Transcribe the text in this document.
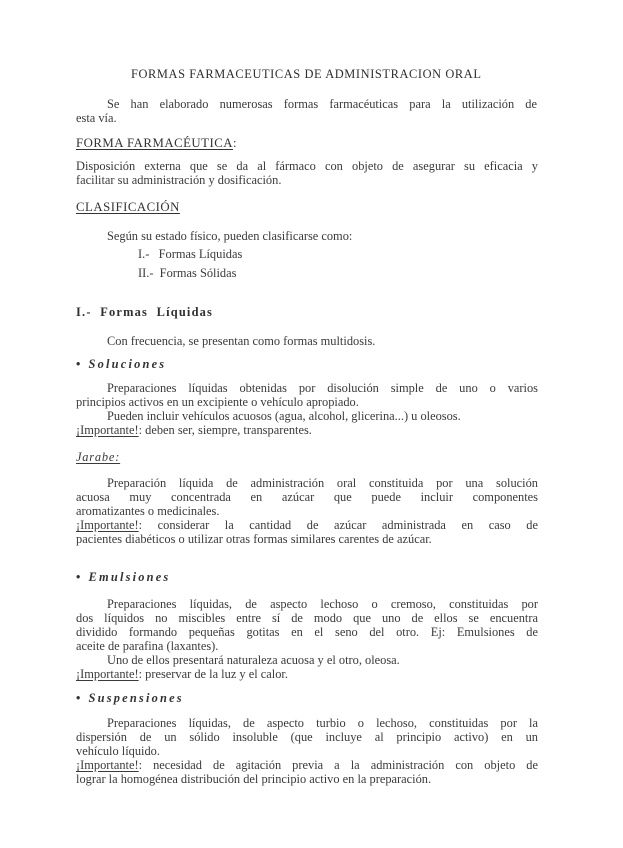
FORMAS FARMACEUTICAS DE ADMINISTRACION ORAL
Se han elaborado numerosas formas farmacéuticas para la utilización de
esta vía.
FORMA FARMACÉUTICA:
Disposición externa que se da al fármaco con objeto de asegurar su eficacia y
facilitar su administración y dosificación.
CLASIFICACIÓN
Según su estado físico, pueden clasificarse como:
I.-   Formas Líquidas
II.-  Formas Sólidas
I.-  Formas  Líquidas
Con frecuencia, se presentan como formas multidosis.
• Soluciones
Preparaciones líquidas obtenidas por disolución simple de uno o varios
principios activos en un excipiente o vehículo apropiado.
Pueden incluir vehículos acuosos (agua, alcohol, glicerina...) u oleosos.
¡Importante!: deben ser, siempre, transparentes.
Jarabe:
Preparación líquida de administración oral constituida por una solución
acuosa muy concentrada en azúcar que puede incluir componentes
aromatizantes o medicinales.
¡Importante!: considerar la cantidad de azúcar administrada en caso de
pacientes diabéticos o utilizar otras formas similares carentes de azúcar.
• Emulsiones
Preparaciones líquidas, de aspecto lechoso o cremoso, constituidas por
dos líquidos no miscibles entre sí de modo que uno de ellos se encuentra
dividido formando pequeñas gotitas en el seno del otro. Ej: Emulsiones de
aceite de parafina (laxantes).
Uno de ellos presentará naturaleza acuosa y el otro, oleosa.
¡Importante!: preservar de la luz y el calor.
• Suspensiones
Preparaciones líquidas, de aspecto turbio o lechoso, constituidas por la
dispersión de un sólido insoluble (que incluye al principio activo) en un
vehículo líquido.
¡Importante!: necesidad de agitación previa a la administración con objeto de
lograr la homogénea distribución del principio activo en la preparación.
